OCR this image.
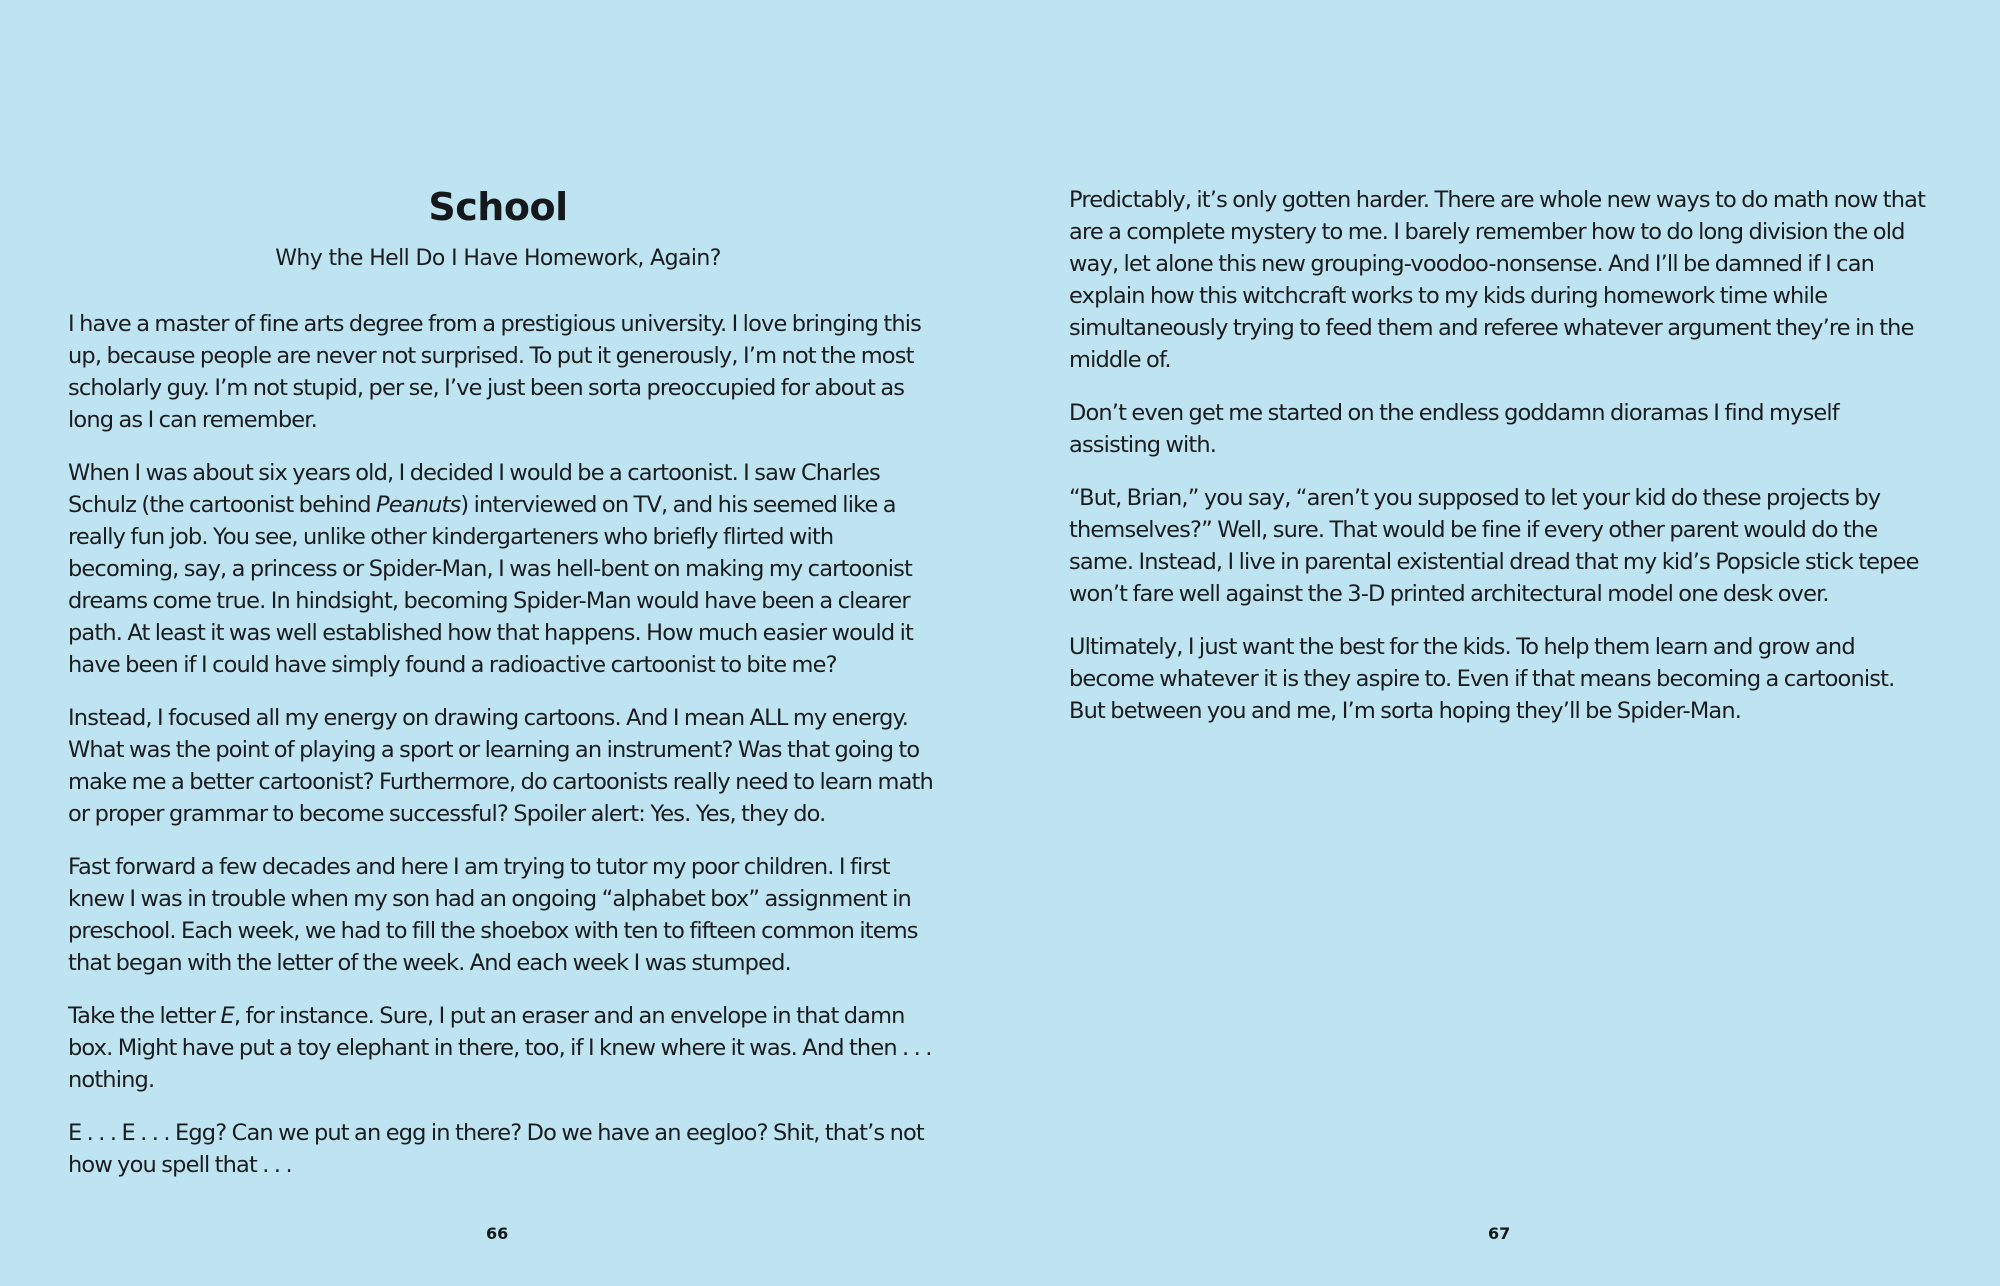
School
Why the Hell Do I Have Homework, Again?

I have a master of fine arts degree from a prestigious university. I love bringing this up, because people are never not surprised. To put it generously, I’m not the most scholarly guy. I’m not stupid, per se, I’ve just been sorta preoccupied for about as long as I can remember.

When I was about six years old, I decided I would be a cartoonist. I saw Charles Schulz (the cartoonist behind Peanuts) interviewed on TV, and his seemed like a really fun job. You see, unlike other kindergarteners who briefly flirted with becoming, say, a princess or Spider-Man, I was hell-bent on making my cartoonist dreams come true. In hindsight, becoming Spider-Man would have been a clearer path. At least it was well established how that happens. How much easier would it have been if I could have simply found a radioactive cartoonist to bite me?

Instead, I focused all my energy on drawing cartoons. And I mean ALL my energy. What was the point of playing a sport or learning an instrument? Was that going to make me a better cartoonist? Furthermore, do cartoonists really need to learn math or proper grammar to become successful? Spoiler alert: Yes. Yes, they do.

Fast forward a few decades and here I am trying to tutor my poor children. I first knew I was in trouble when my son had an ongoing “alphabet box” assignment in preschool. Each week, we had to fill the shoebox with ten to fifteen common items that began with the letter of the week. And each week I was stumped.

Take the letter E, for instance. Sure, I put an eraser and an envelope in that damn box. Might have put a toy elephant in there, too, if I knew where it was. And then . . . nothing.

E . . . E . . . Egg? Can we put an egg in there? Do we have an eegloo? Shit, that’s not how you spell that . . .

66

Predictably, it’s only gotten harder. There are whole new ways to do math now that are a complete mystery to me. I barely remember how to do long division the old way, let alone this new grouping-voodoo-nonsense. And I’ll be damned if I can explain how this witchcraft works to my kids during homework time while simultaneously trying to feed them and referee whatever argument they’re in the middle of.

Don’t even get me started on the endless goddamn dioramas I find myself assisting with.

“But, Brian,” you say, “aren’t you supposed to let your kid do these projects by themselves?” Well, sure. That would be fine if every other parent would do the same. Instead, I live in parental existential dread that my kid’s Popsicle stick tepee won’t fare well against the 3-D printed architectural model one desk over.

Ultimately, I just want the best for the kids. To help them learn and grow and become whatever it is they aspire to. Even if that means becoming a cartoonist. But between you and me, I’m sorta hoping they’ll be Spider-Man.

67
